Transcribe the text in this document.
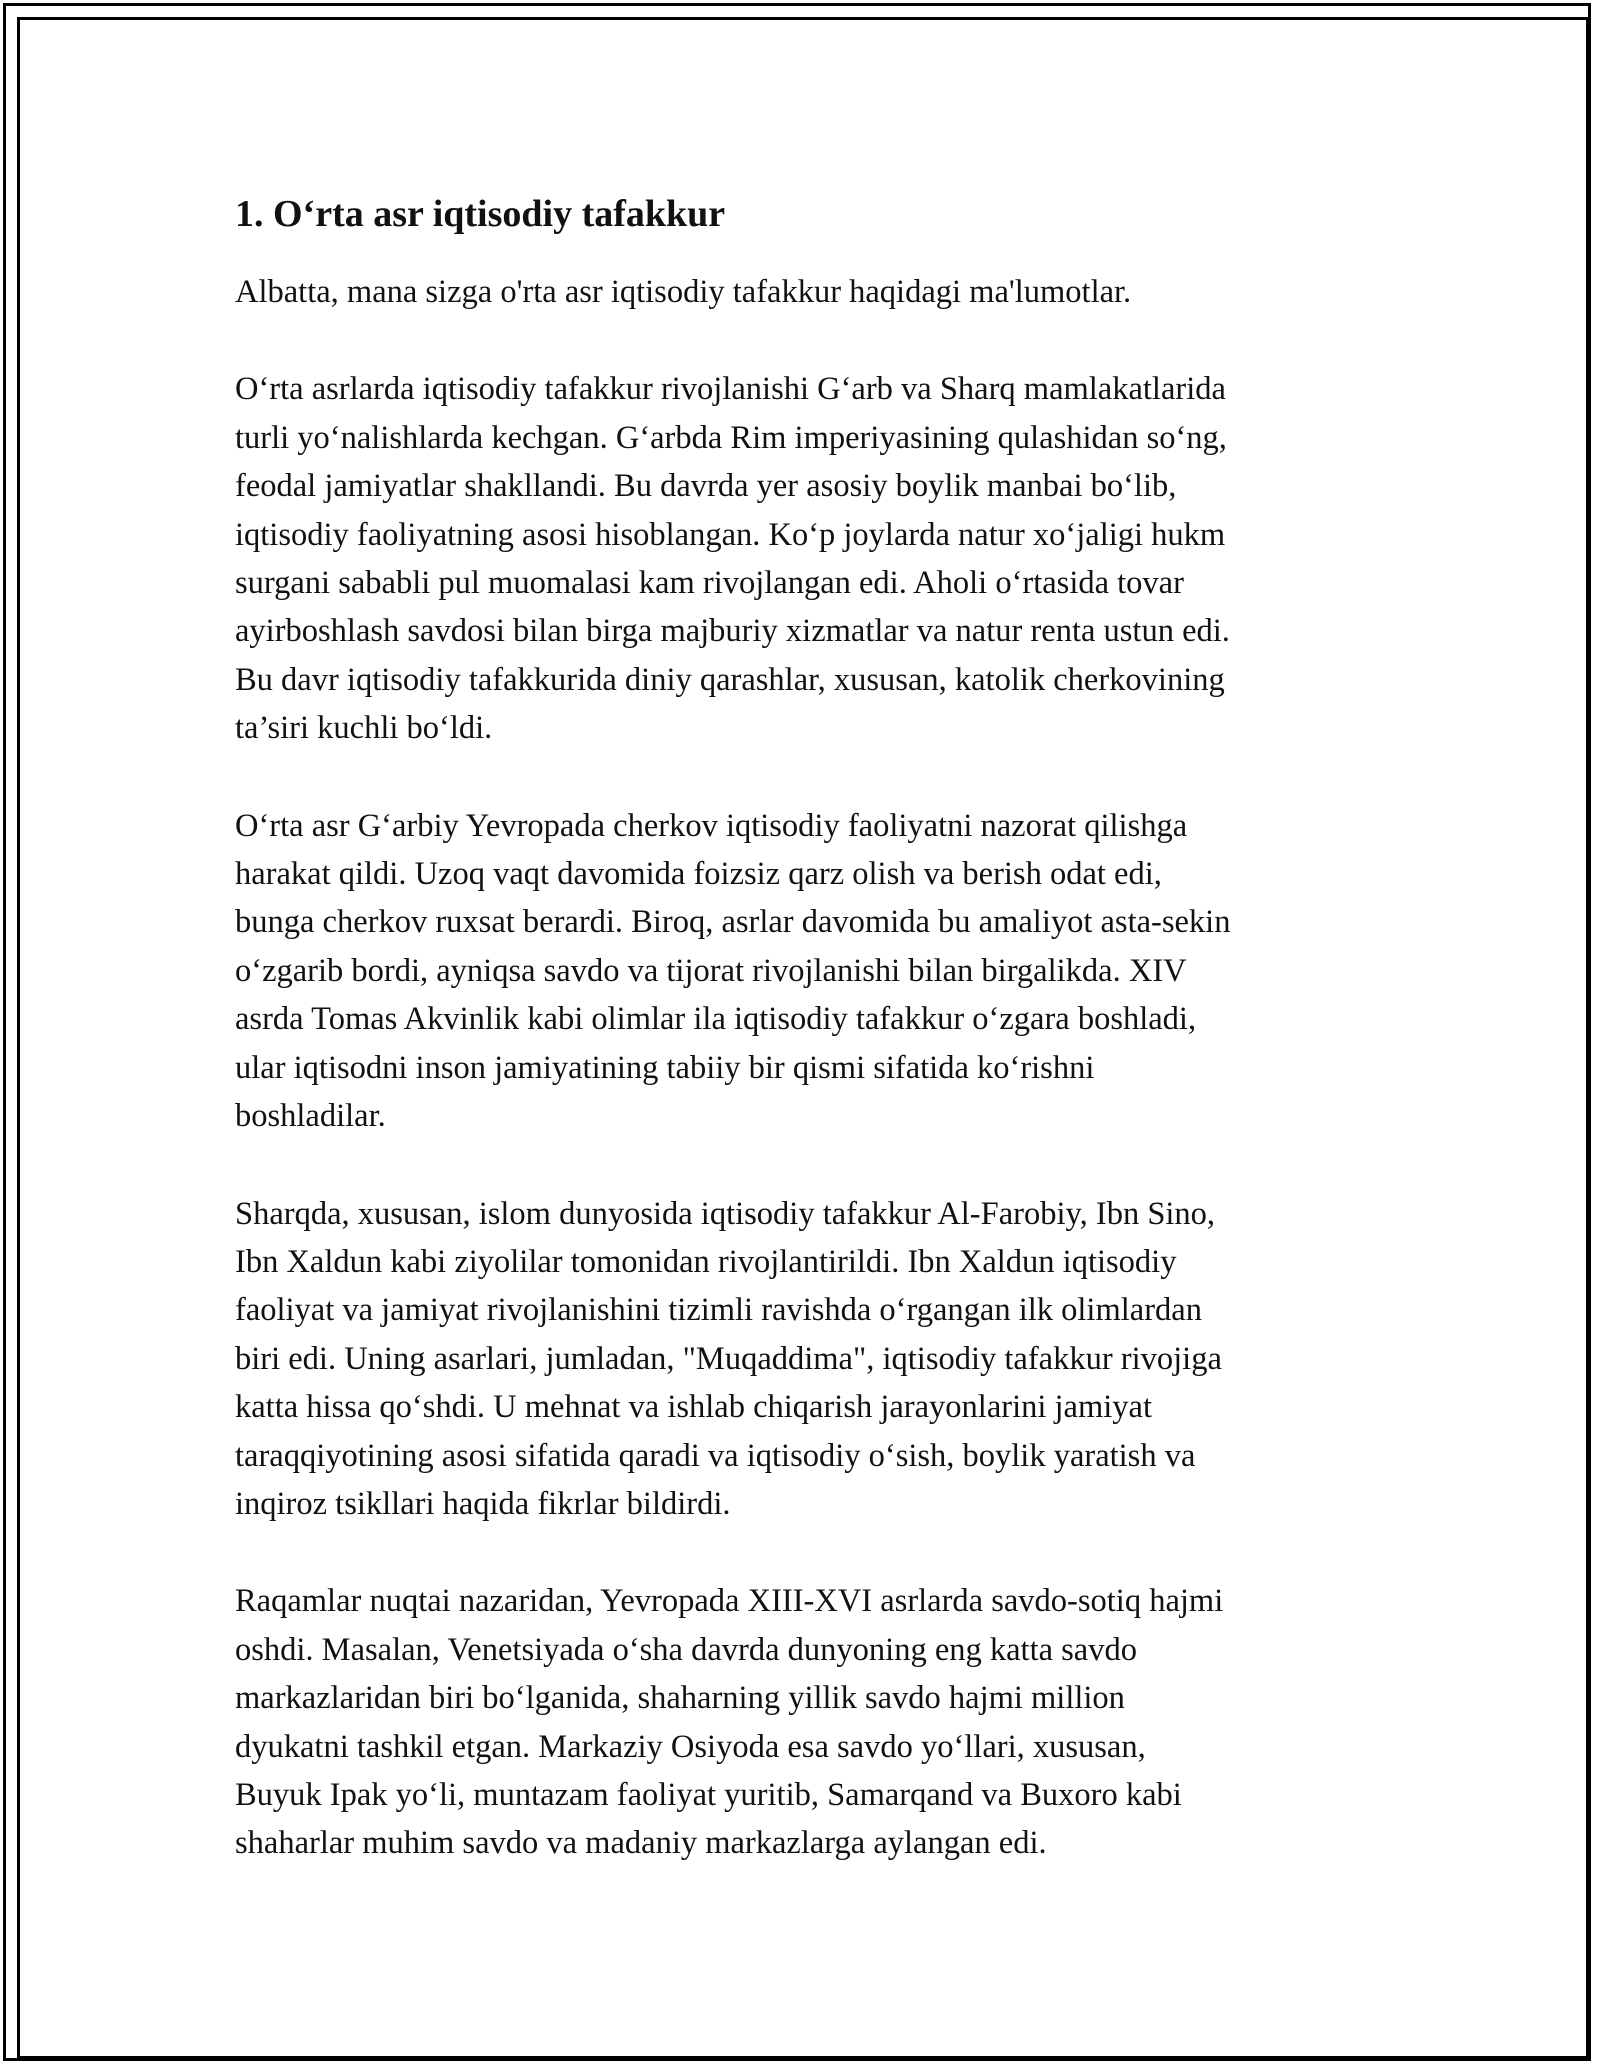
1. O‘rta asr iqtisodiy tafakkur
Albatta, mana sizga o'rta asr iqtisodiy tafakkur haqidagi ma'lumotlar.
O‘rta asrlarda iqtisodiy tafakkur rivojlanishi G‘arb va Sharq mamlakatlarida
turli yo‘nalishlarda kechgan. G‘arbda Rim imperiyasining qulashidan so‘ng,
feodal jamiyatlar shakllandi. Bu davrda yer asosiy boylik manbai bo‘lib,
iqtisodiy faoliyatning asosi hisoblangan. Ko‘p joylarda natur xo‘jaligi hukm
surgani sababli pul muomalasi kam rivojlangan edi. Aholi o‘rtasida tovar
ayirboshlash savdosi bilan birga majburiy xizmatlar va natur renta ustun edi.
Bu davr iqtisodiy tafakkurida diniy qarashlar, xususan, katolik cherkovining
ta’siri kuchli bo‘ldi.
O‘rta asr G‘arbiy Yevropada cherkov iqtisodiy faoliyatni nazorat qilishga
harakat qildi. Uzoq vaqt davomida foizsiz qarz olish va berish odat edi,
bunga cherkov ruxsat berardi. Biroq, asrlar davomida bu amaliyot asta-sekin
o‘zgarib bordi, ayniqsa savdo va tijorat rivojlanishi bilan birgalikda. XIV
asrda Tomas Akvinlik kabi olimlar ila iqtisodiy tafakkur o‘zgara boshladi,
ular iqtisodni inson jamiyatining tabiiy bir qismi sifatida ko‘rishni
boshladilar.
Sharqda, xususan, islom dunyosida iqtisodiy tafakkur Al-Farobiy, Ibn Sino,
Ibn Xaldun kabi ziyolilar tomonidan rivojlantirildi. Ibn Xaldun iqtisodiy
faoliyat va jamiyat rivojlanishini tizimli ravishda o‘rgangan ilk olimlardan
biri edi. Uning asarlari, jumladan, "Muqaddima", iqtisodiy tafakkur rivojiga
katta hissa qo‘shdi. U mehnat va ishlab chiqarish jarayonlarini jamiyat
taraqqiyotining asosi sifatida qaradi va iqtisodiy o‘sish, boylik yaratish va
inqiroz tsikllari haqida fikrlar bildirdi.
Raqamlar nuqtai nazaridan, Yevropada XIII-XVI asrlarda savdo-sotiq hajmi
oshdi. Masalan, Venetsiyada o‘sha davrda dunyoning eng katta savdo
markazlaridan biri bo‘lganida, shaharning yillik savdo hajmi million
dyukatni tashkil etgan. Markaziy Osiyoda esa savdo yo‘llari, xususan,
Buyuk Ipak yo‘li, muntazam faoliyat yuritib, Samarqand va Buxoro kabi
shaharlar muhim savdo va madaniy markazlarga aylangan edi.
